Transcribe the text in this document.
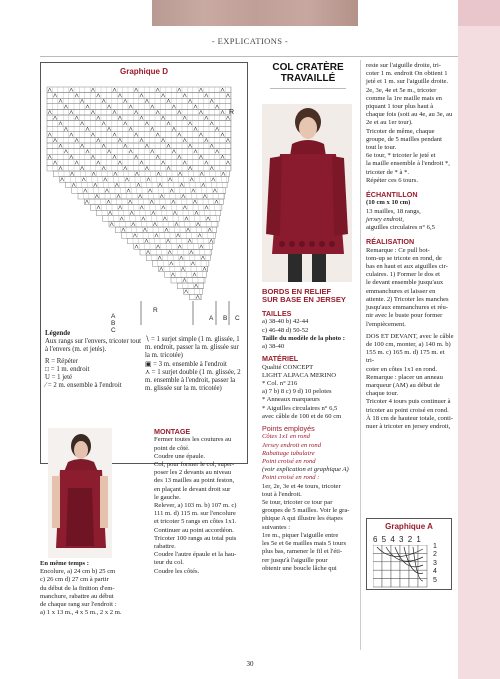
- EXPLICATIONS -
Graphique D
R
A
B
C
R
A B C
Légende
Aux rangs sur l'envers, tricoter tout à l'envers (m. et jetés).
R = Répéter
□ = 1 m. endroit
U = 1 jeté
⁄ = 2 m. ensemble à l'endroit
∖ = 1 surjet simple (1 m. glissée, 1 m. endroit, passer la m. glissée sur la m. tricotée)
▣ = 3 m. ensemble à l'endroit
⋏ = 1 surjet double (1 m. glissée, 2 m. ensemble à l'endroit, passer la m. glissée sur la m. tricotée)
En même temps :
Encolure, a) 24 cm b) 25 cm
c) 26 cm d) 27 cm à partir
du début de la finition d'em-
manchure, rabattre au début
de chaque rang sur l'endroit :
a) 1 x 13 m., 4 x 5 m., 2 x 2 m.
MONTAGE
Fermer toutes les coutures au
point de côté.
Coudre une épaule.
Col, pour former le col, super-
poser les 2 devants au niveau
des 13 mailles au point feston,
en plaçant le devant droit sur
le gauche.
Relever, a) 103 m. b) 107 m. c)
111 m. d) 115 m. sur l'encolure
et tricoter 5 rangs en côtes 1x1.
Continuer au point accordéon.
Tricoter 100 rangs au total puis
rabattre.
Coudre l'autre épaule et la hau-
teur du col.
Coudre les côtés.
COL CRATÈRE
TRAVAILLÉ
BORDS EN RELIEF
SUR BASE EN JERSEY
TAILLES
a) 38-40 b) 42-44
c) 46-48 d) 50-52
Taille du modèle de la photo :
a) 38-40
MATÉRIEL
Qualité CONCEPT
LIGHT ALPACA MERINO
* Col. n° 216
a) 7 b) 8 c) 9 d) 10 pelotes
* Anneaux marqueurs
* Aiguilles circulaires n° 6,5
avec câble de 100 et de 60 cm
Points employés
Côtes 1x1 en rond
Jersey endroit en rond
Rabattage tubulaire
Point croisé en rond
(voir explication et graphique A)
Point croisé en rond :
1er, 2e, 3e et 4e tours, tricoter
tout à l'endroit.
5e tour, tricoter ce tour par
groupes de 5 mailles. Voir le gra-
phique A qui illustre les étapes
suivantes :
1re m., piquer l'aiguille entre
les 5e et 6e mailles mais 5 tours
plus bas, ramener le fil et l'éti-
rer jusqu'à l'aiguille pour
obtenir une boucle lâche qui
reste sur l'aiguille droite, tri-
coter 1 m. endroit On obtient 1
jeté et 1 m. sur l'aiguille droite.
2e, 3e, 4e et 5e m., tricoter
comme la 1re maille mais en
piquant 1 tour plus haut à
chaque fois (soit au 4e, au 3e, au
2e et au 1er tour).
Tricoter de même, chaque
groupe, de 5 mailles pendant
tout le tour.
6e tour, * tricoter le jeté et
la maille ensemble à l'endroit *,
tricoter de * à *.
Répéter ces 6 tours.
ÉCHANTILLON
(10 cm x 10 cm)
13 mailles, 18 rangs,
jersey endroit,
aiguilles circulaires n° 6,5
RÉALISATION
Remarque : Ce pull bot-
tom-up se tricote en rond, de
bas en haut et aux aiguilles cir-
culaires. 1) Former le dos et
le devant ensemble jusqu'aux
emmanchures et laisser en
attente. 2) Tricoter les manches
jusqu'aux emmanchures et réu-
nir avec le buste pour former
l'empiècement.
DOS ET DEVANT, avec le câble
de 100 cm, monter, a) 140 m. b)
155 m. c) 165 m. d) 175 m. et tri-
coter en côtes 1x1 en rond.
Remarque : placer un anneau
marqueur (AM) au début de
chaque tour.
Tricoter 4 tours puis continuer à
tricoter au point croisé en rond.
À 18 cm de hauteur totale, conti-
nuer à tricoter en jersey endroit,
Graphique A
6 5 4 3 2 1
1
2
3
4
5
30
